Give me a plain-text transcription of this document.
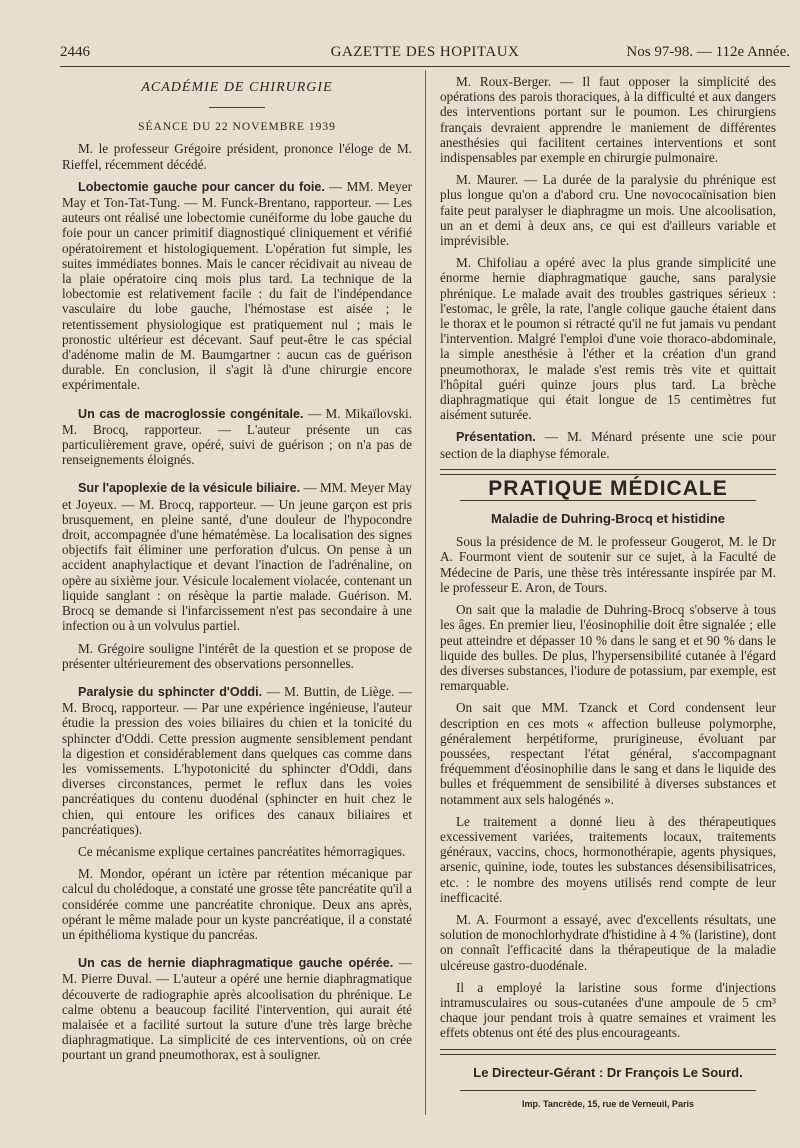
2446	GAZETTE DES HOPITAUX	Nos 97-98. — 112e Année.

ACADÉMIE DE CHIRURGIE

SÉANCE DU 22 NOVEMBRE 1939

M. le professeur Grégoire président, prononce l'éloge de M. Rieffel, récemment décédé.

Lobectomie gauche pour cancer du foie. — MM. Meyer May et Ton-Tat-Tung. — M. Funck-Brentano, rapporteur. — Les auteurs ont réalisé une lobectomie cunéiforme du lobe gauche du foie pour un cancer primitif diagnostiqué cliniquement et vérifié opératoirement et histologiquement. L'opération fut simple, les suites immédiates bonnes. Mais le cancer récidivait au niveau de la plaie opératoire cinq mois plus tard. La technique de la lobectomie est relativement facile : du fait de l'indépendance vasculaire du lobe gauche, l'hémostase est aisée ; le retentissement physiologique est pratiquement nul ; mais le pronostic ultérieur est décevant. Sauf peut-être le cas spécial d'adénome malin de M. Baumgartner : aucun cas de guérison durable. En conclusion, il s'agit là d'une chirurgie encore expérimentale.

Un cas de macroglossie congénitale. — M. Mikaïlovski. M. Brocq, rapporteur. — L'auteur présente un cas particulièrement grave, opéré, suivi de guérison ; on n'a pas de renseignements éloignés.

Sur l'apoplexie de la vésicule biliaire. — MM. Meyer May et Joyeux. — M. Brocq, rapporteur. — Un jeune garçon est pris brusquement, en pleine santé, d'une douleur de l'hypocondre droit, accompagnée d'une hématémèse. La localisation des signes objectifs fait éliminer une perforation d'ulcus. On pense à un accident anaphylactique et devant l'inaction de l'adrénaline, on opère au sixième jour. Vésicule localement violacée, contenant un liquide sanglant : on résèque la partie malade. Guérison. M. Brocq se demande si l'infarcissement n'est pas secondaire à une infection ou à un volvulus partiel.

M. Grégoire souligne l'intérêt de la question et se propose de présenter ultérieurement des observations personnelles.

Paralysie du sphincter d'Oddi. — M. Buttin, de Liège. — M. Brocq, rapporteur. — Par une expérience ingénieuse, l'auteur étudie la pression des voies biliaires du chien et la tonicité du sphincter d'Oddi. Cette pression augmente sensiblement pendant la digestion et considérablement dans quelques cas comme dans les vomissements. L'hypotonicité du sphincter d'Oddi, dans diverses circonstances, permet le reflux dans les voies pancréatiques du contenu duodénal (sphincter en huit chez le chien, qui entoure les orifices des canaux biliaires et pancréatiques).

Ce mécanisme explique certaines pancréatites hémorragiques.

M. Mondor, opérant un ictère par rétention mécanique par calcul du cholédoque, a constaté une grosse tête pancréatite qu'il a considérée comme une pancréatite chronique. Deux ans après, opérant le même malade pour un kyste pancréatique, il a constaté un épithélioma kystique du pancréas.

Un cas de hernie diaphragmatique gauche opérée. — M. Pierre Duval. — L'auteur a opéré une hernie diaphragmatique découverte de radiographie après alcoolisation du phrénique. Le calme obtenu a beaucoup facilité l'intervention, qui aurait été malaisée et a facilité surtout la suture d'une très large brèche diaphragmatique. La simplicité de ces interventions, où on crée pourtant un grand pneumothorax, est à souligner.

M. Roux-Berger. — Il faut opposer la simplicité des opérations des parois thoraciques, à la difficulté et aux dangers des interventions portant sur le poumon. Les chirurgiens français devraient apprendre le maniement de différentes anesthésies qui facilitent certaines interventions et sont indispensables par exemple en chirurgie pulmonaire.

M. Maurer. — La durée de la paralysie du phrénique est plus longue qu'on a d'abord cru. Une novococaïnisation bien faite peut paralyser le diaphragme un mois. Une alcoolisation, un an et demi à deux ans, ce qui est d'ailleurs variable et imprévisible.

M. Chifoliau a opéré avec la plus grande simplicité une énorme hernie diaphragmatique gauche, sans paralysie phrénique. Le malade avait des troubles gastriques sérieux : l'estomac, le grêle, la rate, l'angle colique gauche étaient dans le thorax et le poumon si rétracté qu'il ne fut jamais vu pendant l'intervention. Malgré l'emploi d'une voie thoraco-abdominale, la simple anesthésie à l'éther et la création d'un grand pneumothorax, le malade s'est remis très vite et quittait l'hôpital guéri quinze jours plus tard. La brèche diaphragmatique qui était longue de 15 centimètres fut aisément suturée.

Présentation. — M. Ménard présente une scie pour section de la diaphyse fémorale.

PRATIQUE MÉDICALE

Maladie de Duhring-Brocq et histidine

Sous la présidence de M. le professeur Gougerot, M. le Dr A. Fourmont vient de soutenir sur ce sujet, à la Faculté de Médecine de Paris, une thèse très intéressante inspirée par M. le professeur E. Aron, de Tours.

On sait que la maladie de Duhring-Brocq s'observe à tous les âges. En premier lieu, l'éosinophilie doit être signalée ; elle peut atteindre et dépasser 10 % dans le sang et et 90 % dans le liquide des bulles. De plus, l'hypersensibilité cutanée à l'égard des diverses substances, l'iodure de potassium, par exemple, est remarquable.

On sait que MM. Tzanck et Cord condensent leur description en ces mots « affection bulleuse polymorphe, généralement herpétiforme, prurigineuse, évoluant par poussées, respectant l'état général, s'accompagnant fréquemment d'éosinophilie dans le sang et dans le liquide des bulles et fréquemment de sensibilité à diverses substances et notamment aux sels halogénés ».

Le traitement a donné lieu à des thérapeutiques excessivement variées, traitements locaux, traitements généraux, vaccins, chocs, hormonothérapie, agents physiques, arsenic, quinine, iode, toutes les substances désensibilisatrices, etc. : le nombre des moyens utilisés rend compte de leur inefficacité.

M. A. Fourmont a essayé, avec d'excellents résultats, une solution de monochlorhydrate d'histidine à 4 % (laristine), dont on connaît l'efficacité dans la thérapeutique de la maladie ulcéreuse gastro-duodénale.

Il a employé la laristine sous forme d'injections intramusculaires ou sous-cutanées d'une ampoule de 5 cm³ chaque jour pendant trois à quatre semaines et vraiment les effets obtenus ont été des plus encourageants.

Le Directeur-Gérant : Dr François Le Sourd.

Imp. Tancrède, 15, rue de Verneuil, Paris
